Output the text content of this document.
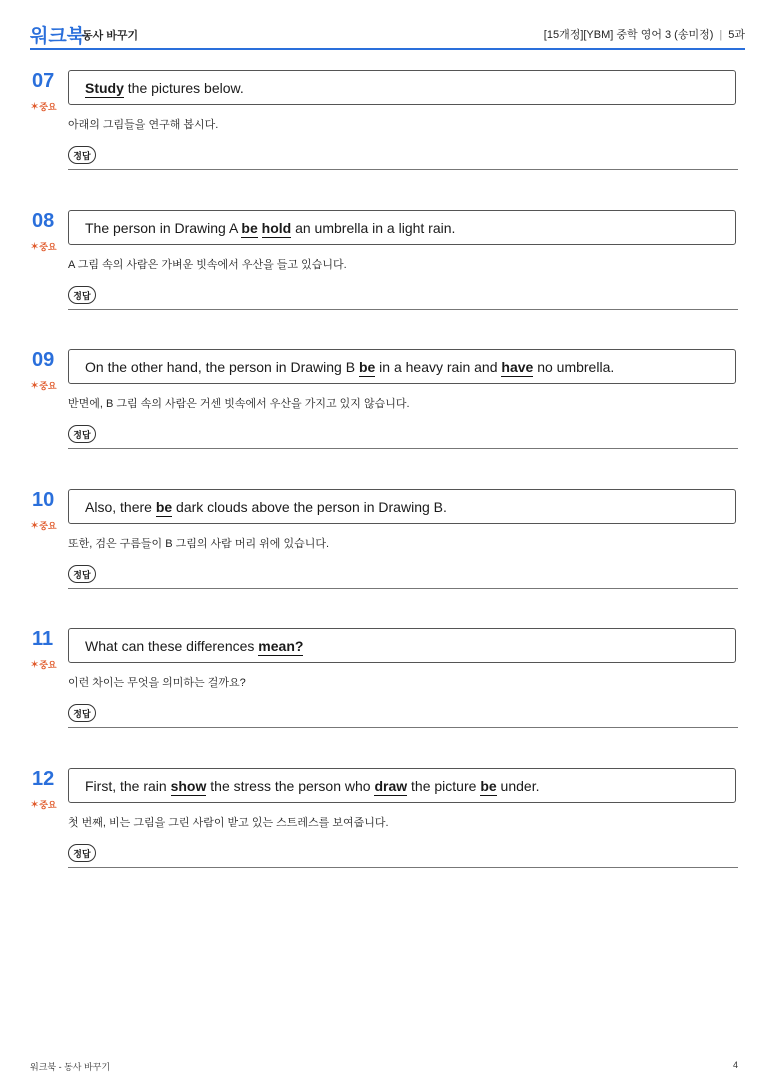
워크북
동사 바꾸기	[15개정][YBM] 중학 영어 3 (송미정) | 5과
07
✶중요
Study the pictures below.
아래의 그림들을 연구해 봅시다.
정답
08
✶중요
The person in Drawing A be hold an umbrella in a light rain.
A 그림 속의 사람은 가벼운 빗속에서 우산을 들고 있습니다.
정답
09
✶중요
On the other hand, the person in Drawing B be in a heavy rain and have no umbrella.
반면에, B 그림 속의 사람은 거센 빗속에서 우산을 가지고 있지 않습니다.
정답
10
✶중요
Also, there be dark clouds above the person in Drawing B.
또한, 검은 구름들이 B 그림의 사람 머리 위에 있습니다.
정답
11
✶중요
What can these differences mean?
이런 차이는 무엇을 의미하는 걸까요?
정답
12
✶중요
First, the rain show the stress the person who draw the picture be under.
첫 번째, 비는 그림을 그린 사람이 받고 있는 스트레스를 보여줍니다.
정답
워크북 - 동사 바꾸기	4
